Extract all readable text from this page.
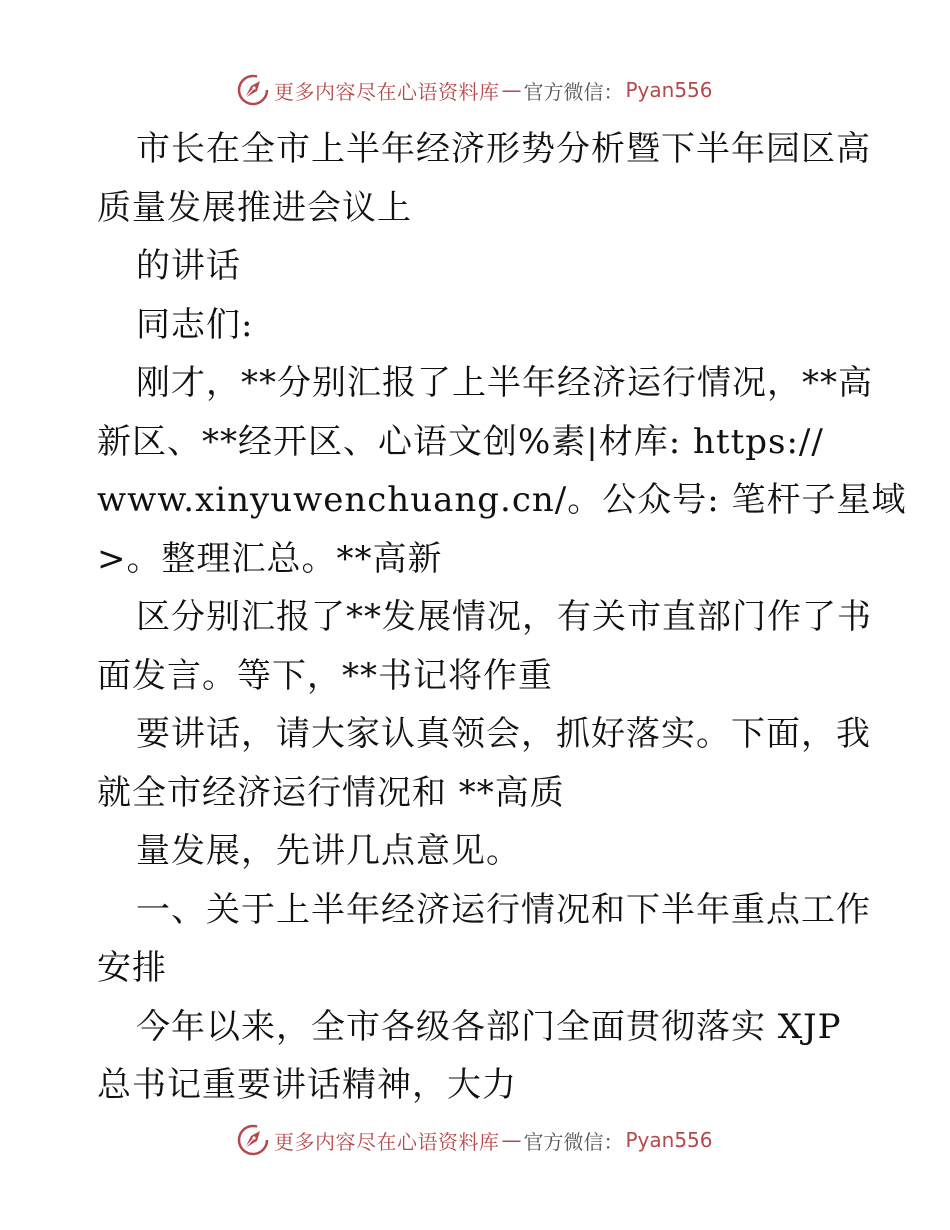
更多内容尽在心语资料库 — 官方微信： Pyan556
市长在全市上半年经济形势分析暨下半年园区高
质量发展推进会议上
的讲话
同志们:
刚才，**分别汇报了上半年经济运行情况，**高
新区、**经开区、心语文创%素|材库: https://
www.xinyuwenchuang.cn/。公众号: 笔杆子星域
>。整理汇总。**高新
区分别汇报了**发展情况，有关市直部门作了书
面发言。等下，**书记将作重
要讲话，请大家认真领会，抓好落实。下面，我
就全市经济运行情况和 **高质
量发展，先讲几点意见。
一、关于上半年经济运行情况和下半年重点工作
安排
今年以来，全市各级各部门全面贯彻落实 XJP
总书记重要讲话精神，大力
更多内容尽在心语资料库 — 官方微信： Pyan556
